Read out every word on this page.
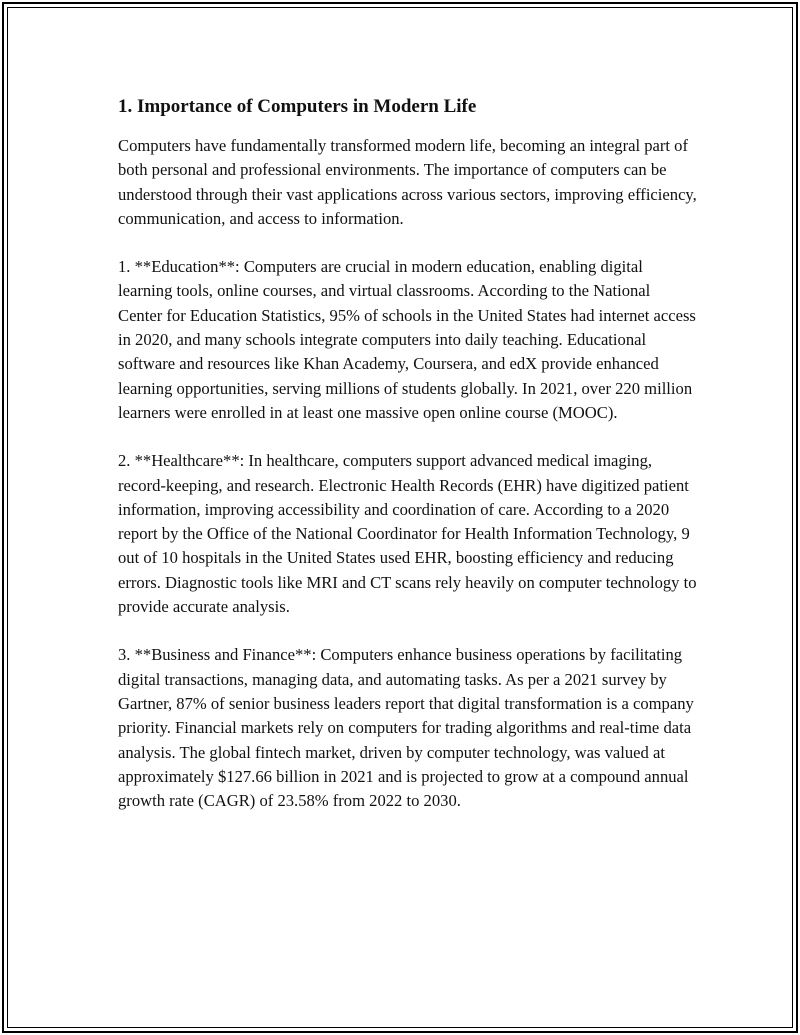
1. Importance of Computers in Modern Life

Computers have fundamentally transformed modern life, becoming an integral part of both personal and professional environments. The importance of computers can be understood through their vast applications across various sectors, improving efficiency, communication, and access to information.

1. **Education**: Computers are crucial in modern education, enabling digital learning tools, online courses, and virtual classrooms. According to the National Center for Education Statistics, 95% of schools in the United States had internet access in 2020, and many schools integrate computers into daily teaching. Educational software and resources like Khan Academy, Coursera, and edX provide enhanced learning opportunities, serving millions of students globally. In 2021, over 220 million learners were enrolled in at least one massive open online course (MOOC).

2. **Healthcare**: In healthcare, computers support advanced medical imaging, record-keeping, and research. Electronic Health Records (EHR) have digitized patient information, improving accessibility and coordination of care. According to a 2020 report by the Office of the National Coordinator for Health Information Technology, 9 out of 10 hospitals in the United States used EHR, boosting efficiency and reducing errors. Diagnostic tools like MRI and CT scans rely heavily on computer technology to provide accurate analysis.

3. **Business and Finance**: Computers enhance business operations by facilitating digital transactions, managing data, and automating tasks. As per a 2021 survey by Gartner, 87% of senior business leaders report that digital transformation is a company priority. Financial markets rely on computers for trading algorithms and real-time data analysis. The global fintech market, driven by computer technology, was valued at approximately $127.66 billion in 2021 and is projected to grow at a compound annual growth rate (CAGR) of 23.58% from 2022 to 2030.
